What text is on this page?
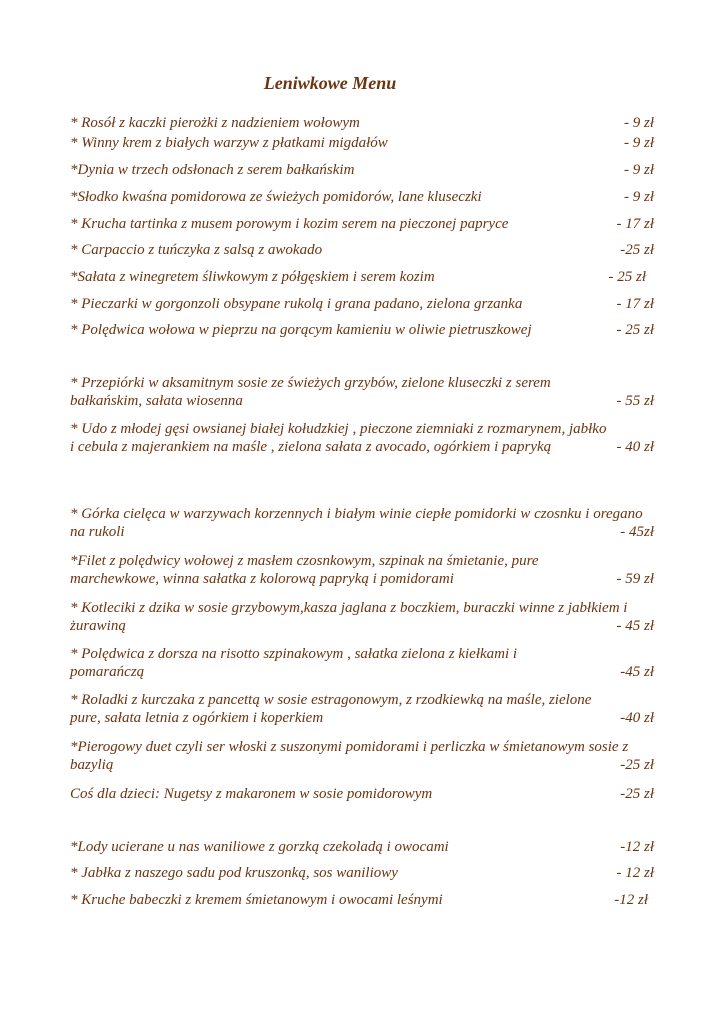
Leniwkowe Menu
* Rosół z kaczki pierożki z nadzieniem wołowym	- 9 zł
* Winny krem z białych warzyw z płatkami migdałów	- 9 zł
*Dynia w trzech odsłonach z serem bałkańskim	- 9 zł
*Słodko kwaśna pomidorowa ze świeżych pomidorów, lane kluseczki	- 9 zł
* Krucha tartinka z musem porowym i kozim serem na pieczonej papryce	- 17 zł
* Carpaccio z tuńczyka z salsą z awokado	-25 zł
*Sałata z winegretem śliwkowym z półgęskiem i serem kozim	- 25 zł
* Pieczarki w gorgonzoli obsypane rukolą i grana padano, zielona grzanka	- 17 zł
* Polędwica wołowa w pieprzu na gorącym kamieniu w oliwie pietruszkowej	- 25 zł
* Przepiórki w aksamitnym sosie ze świeżych grzybów, zielone kluseczki z serem bałkańskim, sałata wiosenna	- 55 zł
* Udo z młodej gęsi owsianej białej kołudzkiej , pieczone ziemniaki z rozmarynem, jabłko i cebula z majerankiem na maśle , zielona sałata z avocado, ogórkiem i papryką	- 40 zł
* Górka cielęca w warzywach korzennych i białym winie ciepłe pomidorki w czosnku i oregano na rukoli	- 45zł
*Filet z polędwicy wołowej z masłem czosnkowym, szpinak na śmietanie, pure marchewkowe, winna sałatka z kolorową papryką i pomidorami	- 59 zł
* Kotleciki z dzika w sosie grzybowym,kasza jaglana z boczkiem, buraczki winne z jabłkiem i żurawiną	- 45 zł
* Polędwica z dorsza na risotto szpinakowym , sałatka zielona z kiełkami i pomarańczą	-45 zł
* Roladki z kurczaka z pancettą w sosie estragonowym, z rzodkiewką na maśle, zielone pure, sałata letnia z ogórkiem i koperkiem	-40 zł
*Pierogowy duet czyli ser włoski z suszonymi pomidorami i perliczka w śmietanowym sosie z bazylią	-25 zł
Coś dla dzieci: Nugetsy z makaronem w sosie pomidorowym	-25 zł
*Lody ucierane u nas waniliowe z gorzką czekoladą i owocami	-12 zł
* Jabłka z naszego sadu pod kruszonką, sos waniliowy	- 12 zł
* Kruche babeczki z kremem śmietanowym i owocami leśnymi	-12 zł
